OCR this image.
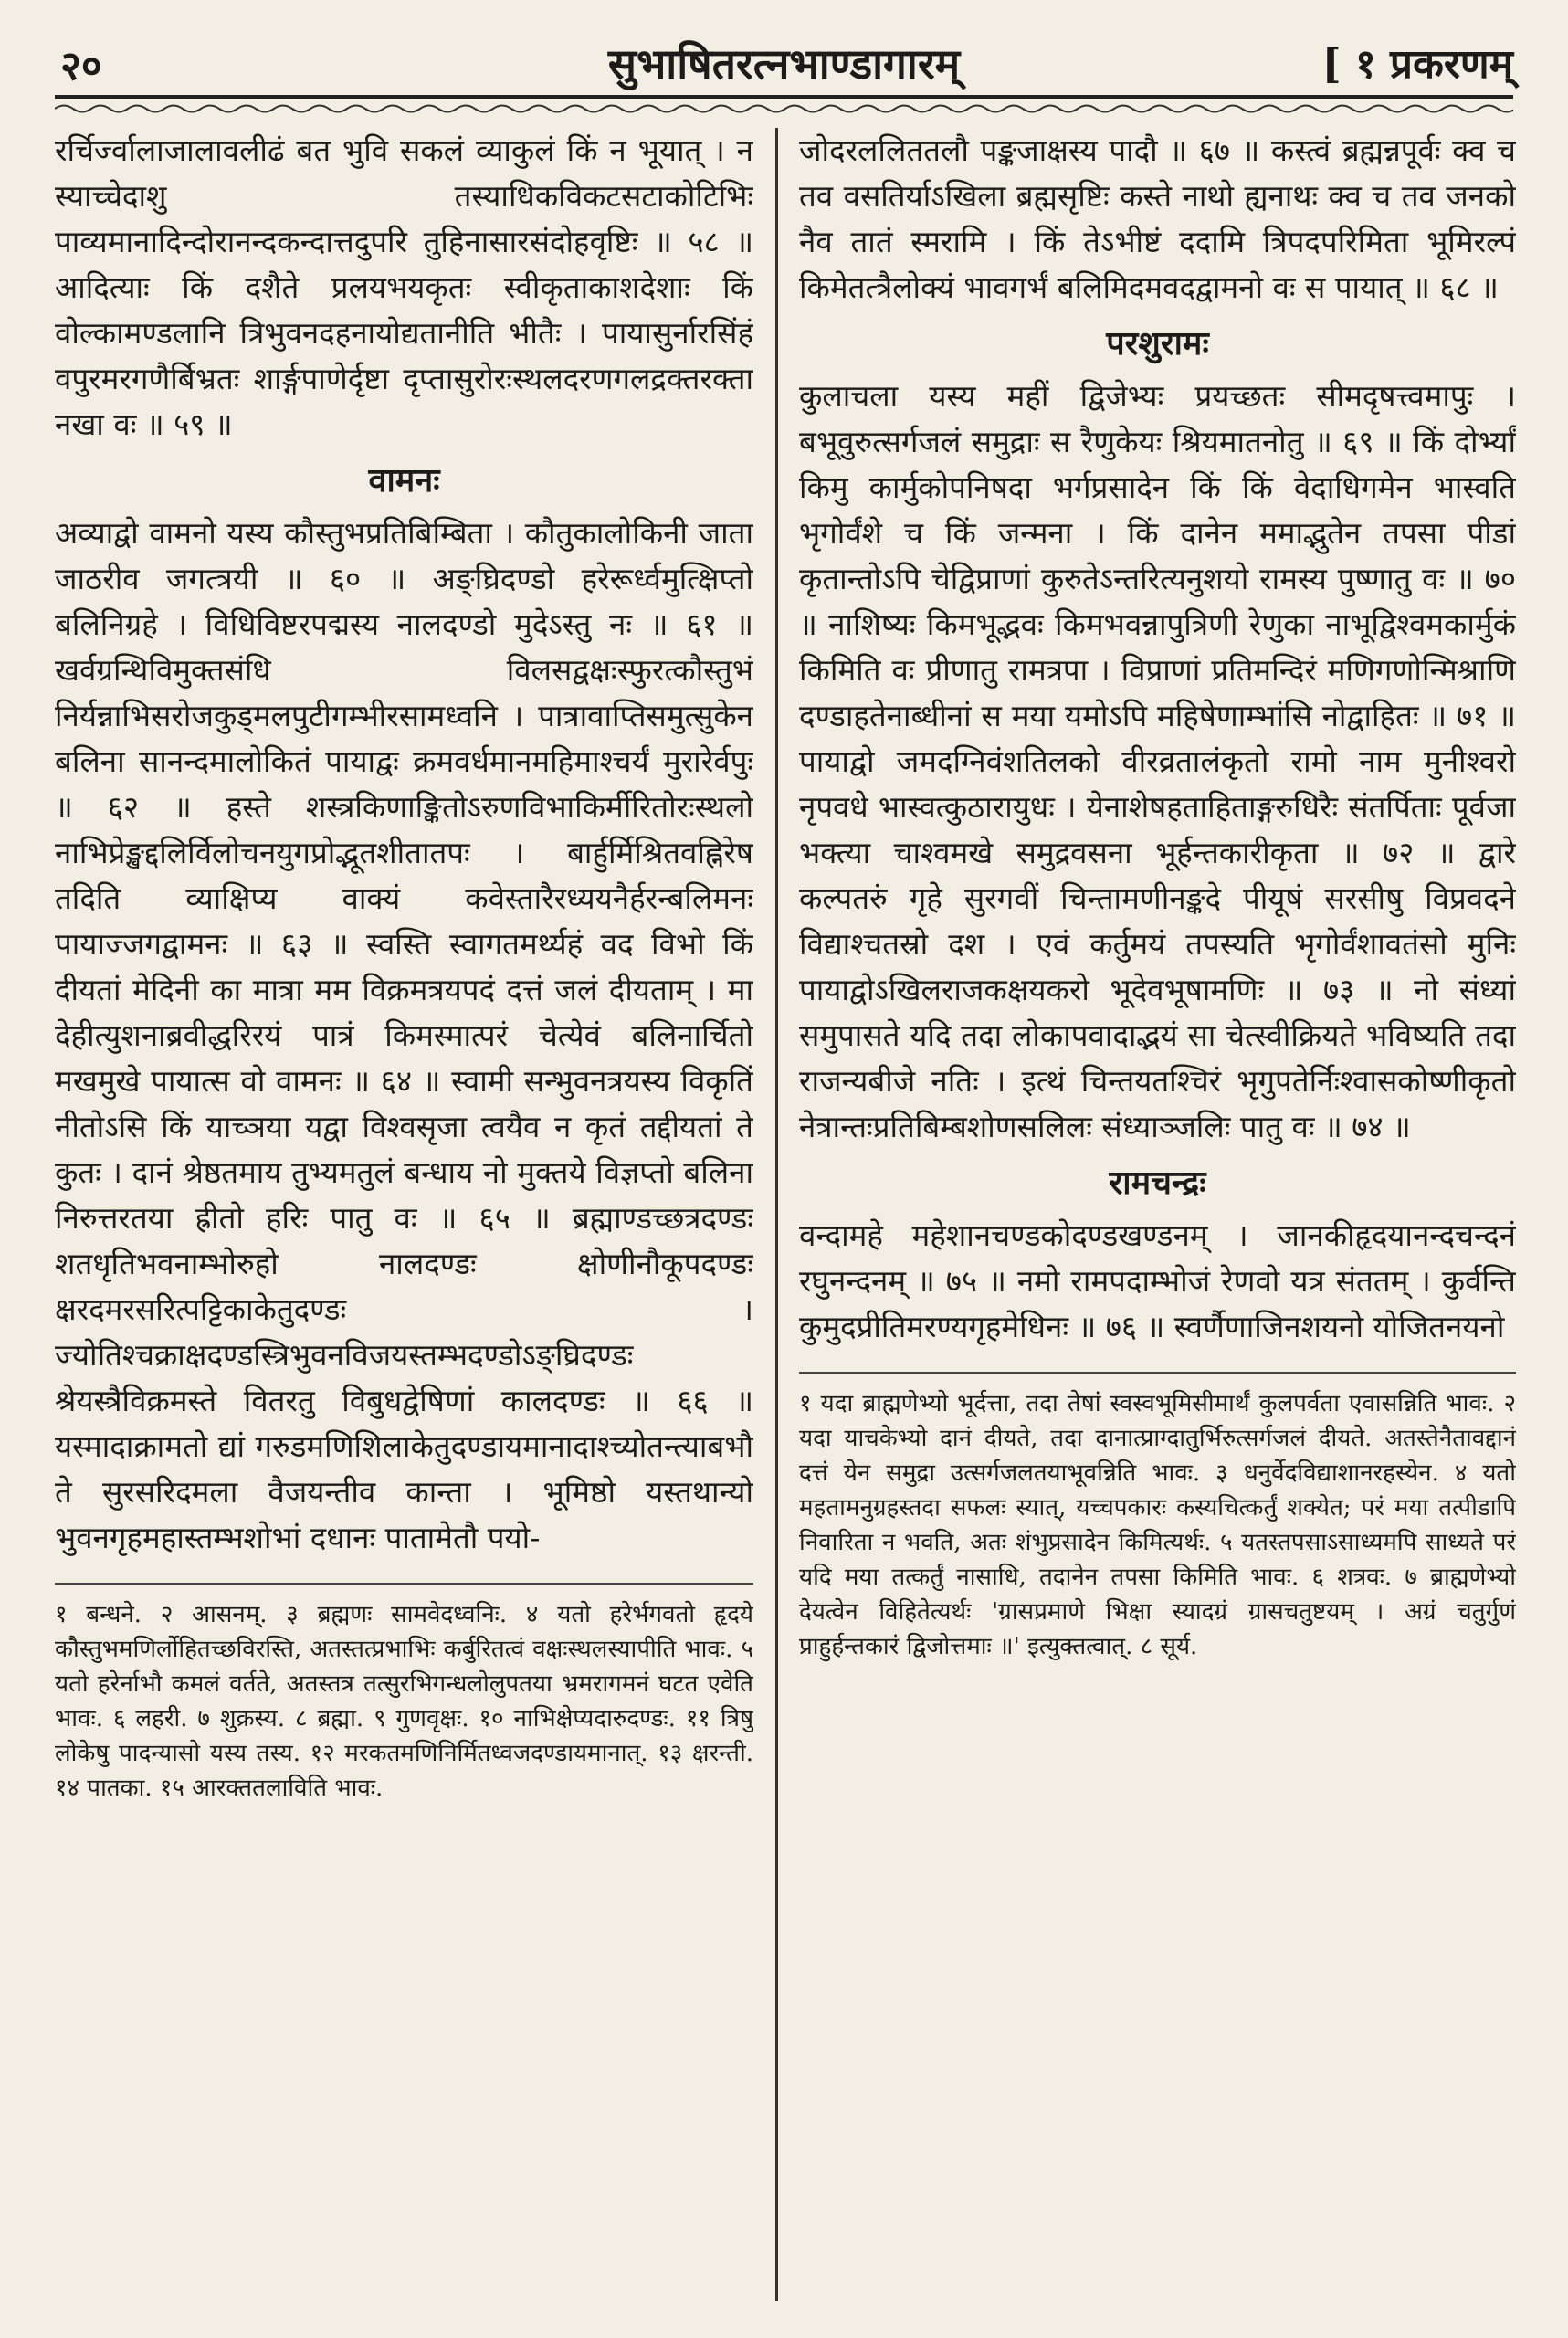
२०	सुभाषितरत्नभाण्डागारम्	[ १ प्रकरणम्

रर्चिर्ज्वालाजालावलीढं बत भुवि सकलं व्याकुलं किं न भूयात् । न स्याच्चेदाशु तस्याधिकविकटसटाकोटिभिः पाव्यमानादिन्दोरानन्दकन्दात्तदुपरि तुहिनासारसंदोहवृष्टिः ॥ ५८ ॥ आदित्याः किं दशैते प्रलयभयकृतः स्वीकृताकाशदेशाः किं वोल्कामण्डलानि त्रिभुवनदहनायोद्यतानीति भीतैः । पायासुर्नारसिंहं वपुरमरगणैर्बिभ्रतः शार्ङ्गपाणेर्दृष्टा दृप्तासुरोरःस्थलदरणगलद्रक्तरक्ता नखा वः ॥ ५९ ॥

वामनः

अव्याद्वो वामनो यस्य कौस्तुभप्रतिबिम्बिता । कौतुकालोकिनी जाता जाठरीव जगत्त्रयी ॥ ६० ॥ अङ्घ्रिदण्डो हरेरूर्ध्वमुत्क्षिप्तो बलिनिग्रहे । विधिविष्टरपद्मस्य नालदण्डो मुदेऽस्तु नः ॥ ६१ ॥ खर्वग्रन्थिविमुक्तसंधि विलसद्वक्षःस्फुरत्कौस्तुभं निर्यन्नाभिसरोजकुड्मलपुटीगम्भीरसामध्वनि । पात्रावाप्तिसमुत्सुकेन बलिना सानन्दमालोकितं पायाद्वः क्रमवर्धमानमहिमाश्चर्यं मुरारेर्वपुः ॥ ६२ ॥ हस्ते शस्त्रकिणाङ्किताेऽरुणविभाकिर्मीरितोरःस्थलो नाभिप्रेङ्खद्दलिर्विलोचनयुगप्रोद्भूतशीतातपः । बार्हुर्मिश्रितवह्निरेष तदिति व्याक्षिप्य वाक्यं कवेस्तारैरध्ययनैर्हरन्बलिमनः पायाज्जगद्वामनः ॥ ६३ ॥ स्वस्ति स्वागतमर्थ्यहं वद विभो किं दीयतां मेदिनी का मात्रा मम विक्रमत्रयपदं दत्तं जलं दीयताम् । मा देहीत्युशनाब्रवीद्धरिरयं पात्रं किमस्मात्परं चेत्येवं बलिनार्चितो मखमुखे पायात्स वो वामनः ॥ ६४ ॥ स्वामी सन्भुवनत्रयस्य विकृतिं नीतोऽसि किं याच्ञया यद्वा विश्वसृजा त्वयैव न कृतं तद्दीयतां ते कुतः । दानं श्रेष्ठतमाय तुभ्यमतुलं बन्धाय नो मुक्तये विज्ञप्तो बलिना निरुत्तरतया ह्रीतो हरिः पातु वः ॥ ६५ ॥ ब्रह्माण्डच्छत्रदण्डः शतधृतिभवनाम्भोरुहो नालदण्डः क्षोणीनौकूपदण्डः क्षरदमरसरित्पट्टिकाकेतुदण्डः । ज्योतिश्चक्राक्षदण्डस्त्रिभुवनविजयस्तम्भदण्डोऽङ्घ्रिदण्डः श्रेयस्त्रैविक्रमस्ते वितरतु विबुधद्वेषिणां कालदण्डः ॥ ६६ ॥ यस्मादाक्रामतो द्यां गरुडमणिशिलाकेतुदण्डायमानादाश्च्योतन्त्याबभौ ते सुरसरिदमला वैजयन्तीव कान्ता । भूमिष्ठो यस्तथान्यो भुवनगृहमहास्तम्भशोभां दधानः पातामेतौ पयो-

१ बन्धने. २ आसनम्. ३ ब्रह्मणः सामवेदध्वनिः. ४ यतो हरेर्भगवतो हृदये कौस्तुभमणिर्लोहितच्छविरस्ति, अतस्तत्प्रभाभिः कर्बुरितत्वं वक्षःस्थलस्यापीति भावः. ५ यतो हरेर्नाभौ कमलं वर्तते, अतस्तत्र तत्सुरभिगन्धलोलुपतया भ्रमरागमनं घटत एवेति भावः. ६ लहरी. ७ शुक्रस्य. ८ ब्रह्मा. ९ गुणवृक्षः. १० नाभिक्षेप्यदारुदण्डः. ११ त्रिषु लोकेषु पादन्यासो यस्य तस्य. १२ मरकतमणिनिर्मितध्वजदण्डायमानात्. १३ क्षरन्ती. १४ पातका. १५ आरक्ततलाविति भावः.

जोदरललिततलौ पङ्कजाक्षस्य पादौ ॥ ६७ ॥ कस्त्वं ब्रह्मन्नपूर्वः क्व च तव वसतिर्याऽखिला ब्रह्मसृष्टिः कस्ते नाथो ह्यनाथः क्व च तव जनको नैव तातं स्मरामि । किं तेऽभीष्टं ददामि त्रिपदपरिमिता भूमिरल्पं किमेतत्त्रैलोक्यं भावगर्भं बलिमिदमवदद्वामनो वः स पायात् ॥ ६८ ॥

परशुरामः

कुलाचला यस्य महीं द्विजेभ्यः प्रयच्छतः सीमदृषत्त्वमापुः । बभूवुरुत्सर्गजलं समुद्राः स रैणुकेयः श्रियमातनोतु ॥ ६९ ॥ किं दोर्भ्यां किमु कार्मुकोपनिषदा भर्गप्रसादेन किं किं वेदाधिगमेन भास्वति भृगोर्वंशे च किं जन्मना । किं दानेन ममाद्भुतेन तपसा पीडां कृतान्तोऽपि चेद्विप्राणां कुरुतेऽन्तरित्यनुशयो रामस्य पुष्णातु वः ॥ ७० ॥ नाशिष्यः किमभूद्भवः किमभवन्नापुत्रिणी रेणुका नाभूद्विश्वमकार्मुकं किमिति वः प्रीणातु रामत्रपा । विप्राणां प्रतिमन्दिरं मणिगणोन्मिश्राणि दण्डाहतेनाब्धीनां स मया यमोऽपि महिषेणाम्भांसि नोद्वाहितः ॥ ७१ ॥ पायाद्वो जमदग्निवंशतिलको वीरव्रतालंकृतो रामो नाम मुनीश्वरो नृपवधे भास्वत्कुठारायुधः । येनाशेषहताहिताङ्गरुधिरैः संतर्पिताः पूर्वजा भक्त्या चाश्वमखे समुद्रवसना भूर्हन्तकारीकृता ॥ ७२ ॥ द्वारे कल्पतरुं गृहे सुरगवीं चिन्तामणीनङ्कदे पीयूषं सरसीषु विप्रवदने विद्याश्चतस्रो दश । एवं कर्तुमयं तपस्यति भृगोर्वंशावतंसो मुनिः पायाद्वोऽखिलराजकक्षयकरो भूदेवभूषामणिः ॥ ७३ ॥ नो संध्यां समुपासते यदि तदा लोकापवादाद्भयं सा चेत्स्वीक्रियते भविष्यति तदा राजन्यबीजे नतिः । इत्थं चिन्तयतश्चिरं भृगुपतेर्निःश्वासकोष्णीकृतो नेत्रान्तःप्रतिबिम्बशोणसलिलः संध्याञ्जलिः पातु वः ॥ ७४ ॥

रामचन्द्रः

वन्दामहे महेशानचण्डकोदण्डखण्डनम् । जानकीहृदयानन्दचन्दनं रघुनन्दनम् ॥ ७५ ॥ नमो रामपदाम्भोजं रेणवो यत्र संततम् । कुर्वन्ति कुमुदप्रीतिमरण्यगृहमेधिनः ॥ ७६ ॥ स्वर्णैणाजिनशयनो योजितनयनो

१ यदा ब्राह्मणेभ्यो भूर्दत्ता, तदा तेषां स्वस्वभूमिसीमार्थं कुलपर्वता एवासन्निति भावः. २ यदा याचकेभ्यो दानं दीयते, तदा दानात्प्राग्दातुर्भिरुत्सर्गजलं दीयते. अतस्तेनैतावद्दानं दत्तं येन समुद्रा उत्सर्गजलतयाभूवन्निति भावः. ३ धनुर्वेदविद्याशानरहस्येन. ४ यतो महतामनुग्रहस्तदा सफलः स्यात्, यच्चपकारः कस्यचित्कर्तुं शक्येत; परं मया तत्पीडापि निवारिता न भवति, अतः शंभुप्रसादेन किमित्यर्थः. ५ यतस्तपसाऽसाध्यमपि साध्यते परं यदि मया तत्कर्तुं नासाधि, तदानेन तपसा किमिति भावः. ६ शत्रवः. ७ ब्राह्मणेभ्यो देयत्वेन विहितेत्यर्थः 'ग्रासप्रमाणे भिक्षा स्यादग्रं ग्रासचतुष्टयम् । अग्रं चतुर्गुणं प्राहुर्हन्तकारं द्विजोत्तमाः ॥' इत्युक्तत्वात्. ८ सूर्य.
